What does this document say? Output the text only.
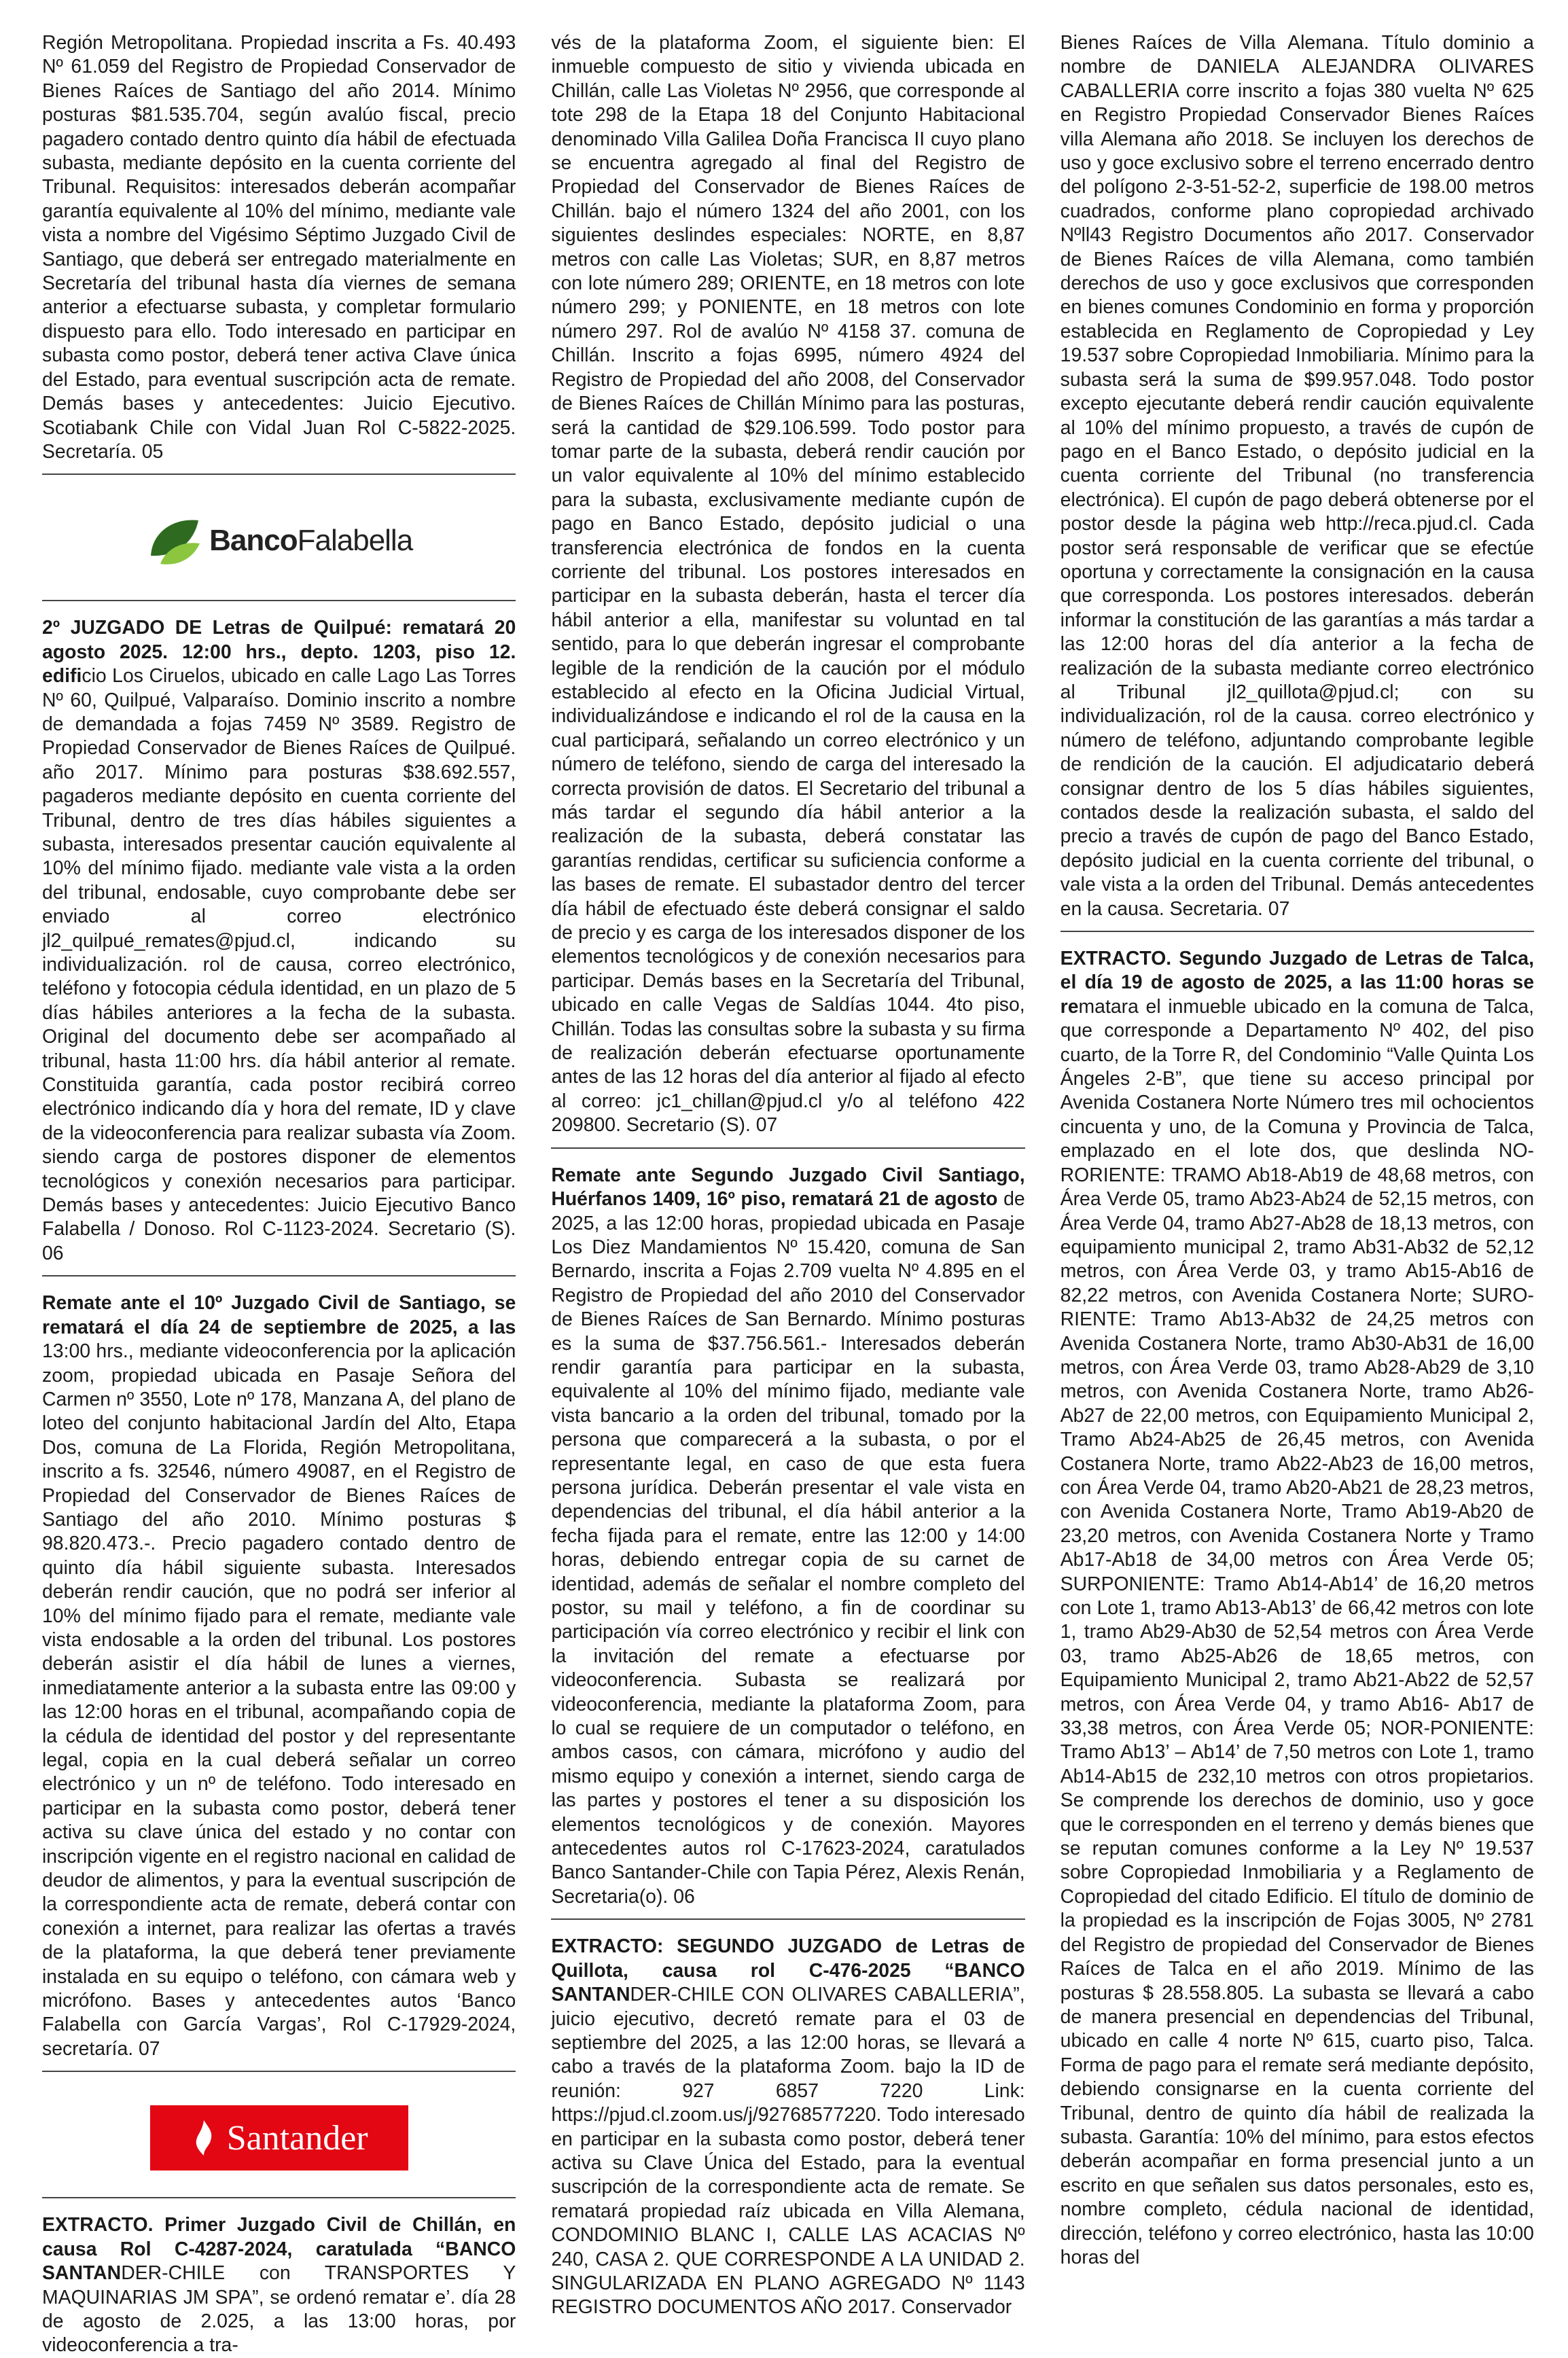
Región Metropolitana. Propiedad inscrita a Fs. 40.493 Nº 61.059 del Registro de Propiedad Conservador de Bienes Raíces de Santiago del año 2014. Mínimo posturas $81.535.704, según avalúo fiscal, precio pagadero contado dentro quinto día hábil de efectuada subasta, mediante depósito en la cuenta corriente del Tribunal. Requisitos: interesados deberán acompañar garantía equivalente al 10% del mínimo, mediante vale vista a nombre del Vigésimo Séptimo Juzgado Civil de Santiago, que deberá ser entregado materialmente en Secretaría del tribunal hasta día viernes de semana anterior a efectuarse subasta, y completar formulario dispuesto para ello. Todo interesado en participar en subasta como postor, deberá tener activa Clave única del Estado, para eventual suscripción acta de remate. Demás bases y antecedentes: Juicio Ejecutivo. Scotiabank Chile con Vidal Juan Rol C-5822-2025. Secretaría. 05

BancoFalabella

2º JUZGADO DE Letras de Quilpué: rematará 20 agosto 2025. 12:00 hrs., depto. 1203, piso 12. edificio Los Ciruelos, ubicado en calle Lago Las Torres Nº 60, Quilpué, Valparaíso. Dominio inscrito a nombre de demandada a fojas 7459 Nº 3589. Registro de Propiedad Conservador de Bienes Raíces de Quilpué. año 2017. Mínimo para posturas $38.692.557, pagaderos mediante depósito en cuenta corriente del Tribunal, dentro de tres días hábiles siguientes a subasta, interesados presentar caución equivalente al 10% del mínimo fijado. mediante vale vista a la orden del tribunal, endosable, cuyo comprobante debe ser enviado al correo electrónico jl2_quilpué_remates@pjud.cl, indicando su individualización. rol de causa, correo electrónico, teléfono y fotocopia cédula identidad, en un plazo de 5 días hábiles anteriores a la fecha de la subasta. Original del documento debe ser acompañado al tribunal, hasta 11:00 hrs. día hábil anterior al remate. Constituida garantía, cada postor recibirá correo electrónico indicando día y hora del remate, ID y clave de la videoconferencia para realizar subasta vía Zoom. siendo carga de postores disponer de elementos tecnológicos y conexión necesarios para participar. Demás bases y antecedentes: Juicio Ejecutivo Banco Falabella / Donoso. Rol C-1123-2024. Secretario (S). 06

Remate ante el 10º Juzgado Civil de Santiago, se rematará el día 24 de septiembre de 2025, a las 13:00 hrs., mediante videoconferencia por la aplicación zoom, propiedad ubicada en Pasaje Señora del Carmen nº 3550, Lote nº 178, Manzana A, del plano de loteo del conjunto habitacional Jardín del Alto, Etapa Dos, comuna de La Florida, Región Metropolitana, inscrito a fs. 32546, número 49087, en el Registro de Propiedad del Conservador de Bienes Raíces de Santiago del año 2010. Mínimo posturas $ 98.820.473.-. Precio pagadero contado dentro de quinto día hábil siguiente subasta. Interesados deberán rendir caución, que no podrá ser inferior al 10% del mínimo fijado para el remate, mediante vale vista endosable a la orden del tribunal. Los postores deberán asistir el día hábil de lunes a viernes, inmediatamente anterior a la subasta entre las 09:00 y las 12:00 horas en el tribunal, acompañando copia de la cédula de identidad del postor y del representante legal, copia en la cual deberá señalar un correo electrónico y un nº de teléfono. Todo interesado en participar en la subasta como postor, deberá tener activa su clave única del estado y no contar con inscripción vigente en el registro nacional en calidad de deudor de alimentos, y para la eventual suscripción de la correspondiente acta de remate, deberá contar con conexión a internet, para realizar las ofertas a través de la plataforma, la que deberá tener previamente instalada en su equipo o teléfono, con cámara web y micrófono. Bases y antecedentes autos ‘Banco Falabella con García Vargas’, Rol C-17929-2024, secretaría. 07

Santander

EXTRACTO. Primer Juzgado Civil de Chillán, en causa Rol C-4287-2024, caratulada “BANCO SANTANDER-CHILE con TRANSPORTES Y MAQUINARIAS JM SPA”, se ordenó rematar e’. día 28 de agosto de 2.025, a las 13:00 horas, por videoconferencia a tra-

vés de la plataforma Zoom, el siguiente bien: El inmueble compuesto de sitio y vivienda ubicada en Chillán, calle Las Violetas Nº 2956, que corresponde al tote 298 de la Etapa 18 del Conjunto Habitacional denominado Villa Galilea Doña Francisca II cuyo plano se encuentra agregado al final del Registro de Propiedad del Conservador de Bienes Raíces de Chillán. bajo el número 1324 del año 2001, con los siguientes deslindes especiales: NORTE, en 8,87 metros con calle Las Violetas; SUR, en 8,87 metros con lote número 289; ORIENTE, en 18 metros con lote número 299; y PONIENTE, en 18 metros con lote número 297. Rol de avalúo Nº 4158 37. comuna de Chillán. Inscrito a fojas 6995, número 4924 del Registro de Propiedad del año 2008, del Conservador de Bienes Raíces de Chillán Mínimo para las posturas, será la cantidad de $29.106.599. Todo postor para tomar parte de la subasta, deberá rendir caución por un valor equivalente al 10% del mínimo establecido para la subasta, exclusivamente mediante cupón de pago en Banco Estado, depósito judicial o una transferencia electrónica de fondos en la cuenta corriente del tribunal. Los postores interesados en participar en la subasta deberán, hasta el tercer día hábil anterior a ella, manifestar su voluntad en tal sentido, para lo que deberán ingresar el comprobante legible de la rendición de la caución por el módulo establecido al efecto en la Oficina Judicial Virtual, individualizándose e indicando el rol de la causa en la cual participará, señalando un correo electrónico y un número de teléfono, siendo de carga del interesado la correcta provisión de datos. El Secretario del tribunal a más tardar el segundo día hábil anterior a la realización de la subasta, deberá constatar las garantías rendidas, certificar su suficiencia conforme a las bases de remate. El subastador dentro del tercer día hábil de efectuado éste deberá consignar el saldo de precio y es carga de los interesados disponer de los elementos tecnológicos y de conexión necesarios para participar. Demás bases en la Secretaría del Tribunal, ubicado en calle Vegas de Saldías 1044. 4to piso, Chillán. Todas las consultas sobre la subasta y su firma de realización deberán efectuarse oportunamente antes de las 12 horas del día anterior al fijado al efecto al correo: jc1_chillan@pjud.cl y/o al teléfono 422 209800. Secretario (S). 07

Remate ante Segundo Juzgado Civil Santiago, Huérfanos 1409, 16º piso, rematará 21 de agosto de 2025, a las 12:00 horas, propiedad ubicada en Pasaje Los Diez Mandamientos Nº 15.420, comuna de San Bernardo, inscrita a Fojas 2.709 vuelta Nº 4.895 en el Registro de Propiedad del año 2010 del Conservador de Bienes Raíces de San Bernardo. Mínimo posturas es la suma de $37.756.561.- Interesados deberán rendir garantía para participar en la subasta, equivalente al 10% del mínimo fijado, mediante vale vista bancario a la orden del tribunal, tomado por la persona que comparecerá a la subasta, o por el representante legal, en caso de que esta fuera persona jurídica. Deberán presentar el vale vista en dependencias del tribunal, el día hábil anterior a la fecha fijada para el remate, entre las 12:00 y 14:00 horas, debiendo entregar copia de su carnet de identidad, además de señalar el nombre completo del postor, su mail y teléfono, a fin de coordinar su participación vía correo electrónico y recibir el link con la invitación del remate a efectuarse por videoconferencia. Subasta se realizará por videoconferencia, mediante la plataforma Zoom, para lo cual se requiere de un computador o teléfono, en ambos casos, con cámara, micrófono y audio del mismo equipo y conexión a internet, siendo carga de las partes y postores el tener a su disposición los elementos tecnológicos y de conexión. Mayores antecedentes autos rol C-17623-2024, caratulados Banco Santander-Chile con Tapia Pérez, Alexis Renán, Secretaria(o). 06

EXTRACTO: SEGUNDO JUZGADO de Letras de Quillota, causa rol C-476-2025 “BANCO SANTANDER-CHILE CON OLIVARES CABALLERIA”, juicio ejecutivo, decretó remate para el 03 de septiembre del 2025, a las 12:00 horas, se llevará a cabo a través de la plataforma Zoom. bajo la ID de reunión: 927 6857 7220 Link: https://pjud.cl.zoom.us/j/92768577220. Todo interesado en participar en la subasta como postor, deberá tener activa su Clave Única del Estado, para la eventual suscripción de la correspondiente acta de remate. Se rematará propiedad raíz ubicada en Villa Alemana, CONDOMINIO BLANC I, CALLE LAS ACACIAS Nº 240, CASA 2. QUE CORRESPONDE A LA UNIDAD 2. SINGULARIZADA EN PLANO AGREGADO Nº 1143 REGISTRO DOCUMENTOS AÑO 2017. Conservador

Bienes Raíces de Villa Alemana. Título dominio a nombre de DANIELA ALEJANDRA OLIVARES CABALLERIA corre inscrito a fojas 380 vuelta Nº 625 en Registro Propiedad Conservador Bienes Raíces villa Alemana año 2018. Se incluyen los derechos de uso y goce exclusivo sobre el terreno encerrado dentro del polígono 2-3-51-52-2, superficie de 198.00 metros cuadrados, conforme plano copropiedad archivado Nºll43 Registro Documentos año 2017. Conservador de Bienes Raíces de villa Alemana, como también derechos de uso y goce exclusivos que corresponden en bienes comunes Condominio en forma y proporción establecida en Reglamento de Copropiedad y Ley 19.537 sobre Copropiedad Inmobiliaria. Mínimo para la subasta será la suma de $99.957.048. Todo postor excepto ejecutante deberá rendir caución equivalente al 10% del mínimo propuesto, a través de cupón de pago en el Banco Estado, o depósito judicial en la cuenta corriente del Tribunal (no transferencia electrónica). El cupón de pago deberá obtenerse por el postor desde la página web http://reca.pjud.cl. Cada postor será responsable de verificar que se efectúe oportuna y correctamente la consignación en la causa que corresponda. Los postores interesados. deberán informar la constitución de las garantías a más tardar a las 12:00 horas del día anterior a la fecha de realización de la subasta mediante correo electrónico al Tribunal jl2_quillota@pjud.cl; con su individualización, rol de la causa. correo electrónico y número de teléfono, adjuntando comprobante legible de rendición de la caución. El adjudicatario deberá consignar dentro de los 5 días hábiles siguientes, contados desde la realización subasta, el saldo del precio a través de cupón de pago del Banco Estado, depósito judicial en la cuenta corriente del tribunal, o vale vista a la orden del Tribunal. Demás antecedentes en la causa. Secretaria. 07

EXTRACTO. Segundo Juzgado de Letras de Talca, el día 19 de agosto de 2025, a las 11:00 horas se rematara el inmueble ubicado en la comuna de Talca, que corresponde a Departamento Nº 402, del piso cuarto, de la Torre R, del Condominio “Valle Quinta Los Ángeles 2-B”, que tiene su acceso principal por Avenida Costanera Norte Número tres mil ochocientos cincuenta y uno, de la Comuna y Provincia de Talca, emplazado en el lote dos, que deslinda NO-RORIENTE: TRAMO Ab18-Ab19 de 48,68 metros, con Área Verde 05, tramo Ab23-Ab24 de 52,15 metros, con Área Verde 04, tramo Ab27-Ab28 de 18,13 metros, con equipamiento municipal 2, tramo Ab31-Ab32 de 52,12 metros, con Área Verde 03, y tramo Ab15-Ab16 de 82,22 metros, con Avenida Costanera Norte; SURO-RIENTE: Tramo Ab13-Ab32 de 24,25 metros con Avenida Costanera Norte, tramo Ab30-Ab31 de 16,00 metros, con Área Verde 03, tramo Ab28-Ab29 de 3,10 metros, con Avenida Costanera Norte, tramo Ab26-Ab27 de 22,00 metros, con Equipamiento Municipal 2, Tramo Ab24-Ab25 de 26,45 metros, con Avenida Costanera Norte, tramo Ab22-Ab23 de 16,00 metros, con Área Verde 04, tramo Ab20-Ab21 de 28,23 metros, con Avenida Costanera Norte, Tramo Ab19-Ab20 de 23,20 metros, con Avenida Costanera Norte y Tramo Ab17-Ab18 de 34,00 metros con Área Verde 05; SURPONIENTE: Tramo Ab14-Ab14’ de 16,20 metros con Lote 1, tramo Ab13-Ab13’ de 66,42 metros con lote 1, tramo Ab29-Ab30 de 52,54 metros con Área Verde 03, tramo Ab25-Ab26 de 18,65 metros, con Equipamiento Municipal 2, tramo Ab21-Ab22 de 52,57 metros, con Área Verde 04, y tramo Ab16- Ab17 de 33,38 metros, con Área Verde 05; NOR-PONIENTE: Tramo Ab13’ – Ab14’ de 7,50 metros con Lote 1, tramo Ab14-Ab15 de 232,10 metros con otros propietarios. Se comprende los derechos de dominio, uso y goce que le corresponden en el terreno y demás bienes que se reputan comunes conforme a la Ley Nº 19.537 sobre Copropiedad Inmobiliaria y a Reglamento de Copropiedad del citado Edificio. El título de dominio de la propiedad es la inscripción de Fojas 3005, Nº 2781 del Registro de propiedad del Conservador de Bienes Raíces de Talca en el año 2019. Mínimo de las posturas $ 28.558.805. La subasta se llevará a cabo de manera presencial en dependencias del Tribunal, ubicado en calle 4 norte Nº 615, cuarto piso, Talca. Forma de pago para el remate será mediante depósito, debiendo consignarse en la cuenta corriente del Tribunal, dentro de quinto día hábil de realizada la subasta. Garantía: 10% del mínimo, para estos efectos deberán acompañar en forma presencial junto a un escrito en que señalen sus datos personales, esto es, nombre completo, cédula nacional de identidad, dirección, teléfono y correo electrónico, hasta las 10:00 horas del
